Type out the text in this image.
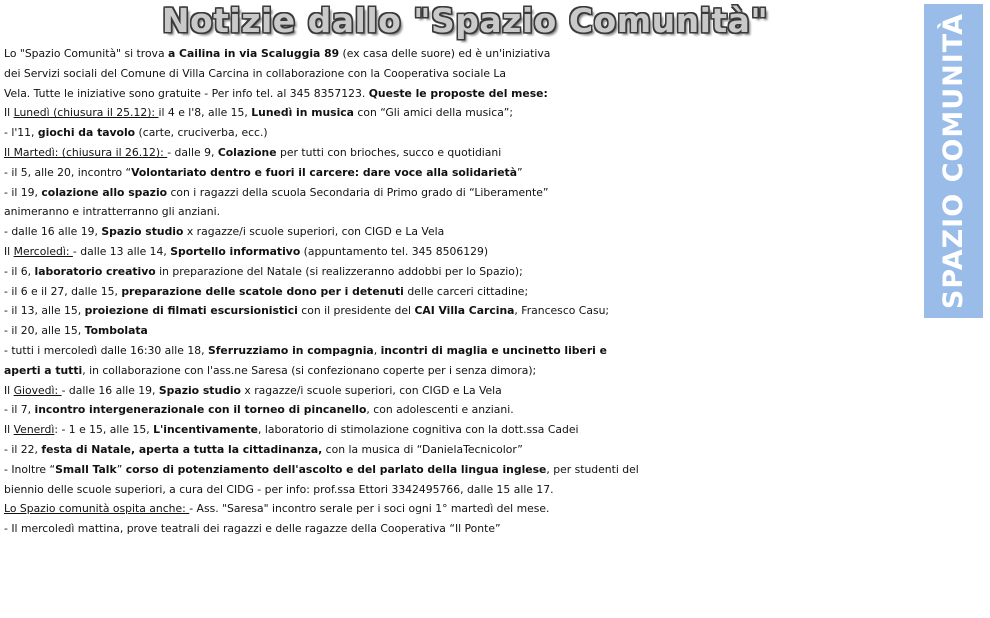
Notizie dallo "Spazio Comunità"	SPAZIO COMUNITÀ
Lo "Spazio Comunità" si trova a Cailina in via Scaluggia 89 (ex casa delle suore) ed è un'iniziativa
dei Servizi sociali del Comune di Villa Carcina in collaborazione con la Cooperativa sociale La
Vela. Tutte le iniziative sono gratuite - Per info tel. al 345 8357123. Queste le proposte del mese:
Il Lunedì (chiusura il 25.12): il 4 e l'8, alle 15, Lunedì in musica con “Gli amici della musica”;
- l'11, giochi da tavolo (carte, cruciverba, ecc.)
Il Martedì: (chiusura il 26.12): - dalle 9, Colazione per tutti con brioches, succo e quotidiani
- il 5, alle 20, incontro “Volontariato dentro e fuori il carcere: dare voce alla solidarietà”
- il 19, colazione allo spazio con i ragazzi della scuola Secondaria di Primo grado di “Liberamente”
animeranno e intratterranno gli anziani.
- dalle 16 alle 19, Spazio studio x ragazze/i scuole superiori, con CIGD e La Vela
Il Mercoledì: - dalle 13 alle 14, Sportello informativo (appuntamento tel. 345 8506129)
- il 6, laboratorio creativo in preparazione del Natale (si realizzeranno addobbi per lo Spazio);
- il 6 e il 27, dalle 15, preparazione delle scatole dono per i detenuti delle carceri cittadine;
- il 13, alle 15, proiezione di filmati escursionistici con il presidente del CAI Villa Carcina, Francesco Casu;
- il 20, alle 15, Tombolata
- tutti i mercoledì dalle 16:30 alle 18, Sferruzziamo in compagnia, incontri di maglia e uncinetto liberi e
aperti a tutti, in collaborazione con l'ass.ne Saresa (si confezionano coperte per i senza dimora);
Il Giovedì: - dalle 16 alle 19, Spazio studio x ragazze/i scuole superiori, con CIGD e La Vela
- il 7, incontro intergenerazionale con il torneo di pincanello, con adolescenti e anziani.
Il Venerdì: - 1 e 15, alle 15, L'incentivamente, laboratorio di stimolazione cognitiva con la dott.ssa Cadei
- il 22, festa di Natale, aperta a tutta la cittadinanza, con la musica di “DanielaTecnicolor”
- Inoltre “Small Talk” corso di potenziamento dell'ascolto e del parlato della lingua inglese, per studenti del
biennio delle scuole superiori, a cura del CIDG - per info: prof.ssa Ettori 3342495766, dalle 15 alle 17.
Lo Spazio comunità ospita anche: - Ass. "Saresa" incontro serale per i soci ogni 1° martedì del mese.
- Il mercoledì mattina, prove teatrali dei ragazzi e delle ragazze della Cooperativa “Il Ponte”
